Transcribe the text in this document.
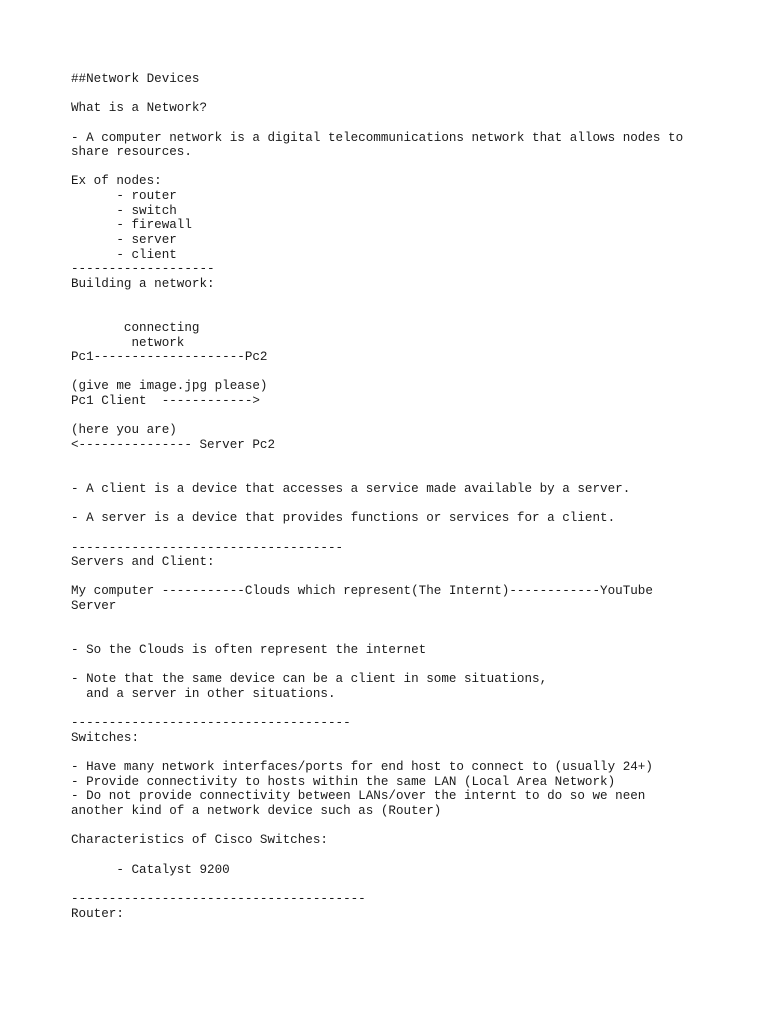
##Network Devices
What is a Network?
- A computer network is a digital telecommunications network that allows nodes to
share resources.
Ex of nodes:
- router
- switch
- firewall
- server
- client
-------------------
Building a network:
connecting
network
Pc1--------------------Pc2
(give me image.jpg please)
Pc1 Client  ------------>
(here you are)
<--------------- Server Pc2
- A client is a device that accesses a service made available by a server.
- A server is a device that provides functions or services for a client.
------------------------------------
Servers and Client:
My computer -----------Clouds which represent(The Internt)------------YouTube
Server
- So the Clouds is often represent the internet
- Note that the same device can be a client in some situations,
and a server in other situations.
-------------------------------------
Switches:
- Have many network interfaces/ports for end host to connect to (usually 24+)
- Provide connectivity to hosts within the same LAN (Local Area Network)
- Do not provide connectivity between LANs/over the internt to do so we neen
another kind of a network device such as (Router)
Characteristics of Cisco Switches:
- Catalyst 9200
---------------------------------------
Router:
